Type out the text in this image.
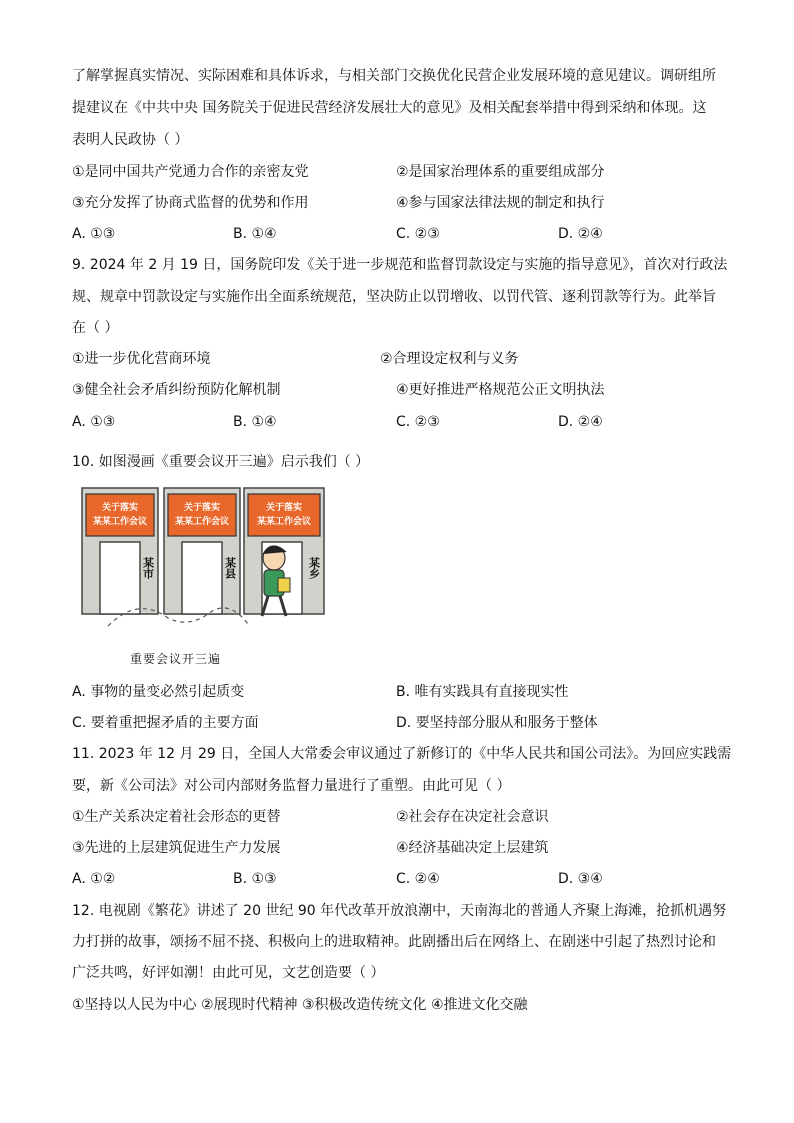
了解掌握真实情况、实际困难和具体诉求，与相关部门交换优化民营企业发展环境的意见建议。调研组所
提建议在《中共中央 国务院关于促进民营经济发展壮大的意见》及相关配套举措中得到采纳和体现。这
表明人民政协（ ）
①是同中国共产党通力合作的亲密友党	②是国家治理体系的重要组成部分
③充分发挥了协商式监督的优势和作用	④参与国家法律法规的制定和执行
A. ①③	B. ①④	C. ②③	D. ②④
9. 2024 年 2 月 19 日，国务院印发《关于进一步规范和监督罚款设定与实施的指导意见》，首次对行政法
规、规章中罚款设定与实施作出全面系统规范，坚决防止以罚增收、以罚代管、逐利罚款等行为。此举旨
在（ ）
①进一步优化营商环境	②合理设定权利与义务
③健全社会矛盾纠纷预防化解机制	④更好推进严格规范公正文明执法
A. ①③	B. ①④	C. ②③	D. ②④
10. 如图漫画《重要会议开三遍》启示我们（ ）
关于落实
某某工作会议
某市
关于落实
某某工作会议
某县
关于落实
某某工作会议
某乡
重要会议开三遍
A. 事物的量变必然引起质变	B. 唯有实践具有直接现实性
C. 要着重把握矛盾的主要方面	D. 要坚持部分服从和服务于整体
11. 2023 年 12 月 29 日，全国人大常委会审议通过了新修订的《中华人民共和国公司法》。为回应实践需
要，新《公司法》对公司内部财务监督力量进行了重塑。由此可见（ ）
①生产关系决定着社会形态的更替	②社会存在决定社会意识
③先进的上层建筑促进生产力发展	④经济基础决定上层建筑
A. ①②	B. ①③	C. ②④	D. ③④
12. 电视剧《繁花》讲述了 20 世纪 90 年代改革开放浪潮中，天南海北的普通人齐聚上海滩，抢抓机遇努
力打拼的故事，颂扬不屈不挠、积极向上的进取精神。此剧播出后在网络上、在剧迷中引起了热烈讨论和
广泛共鸣，好评如潮！由此可见，文艺创造要（ ）
①坚持以人民为中心 ②展现时代精神 ③积极改造传统文化 ④推进文化交融
